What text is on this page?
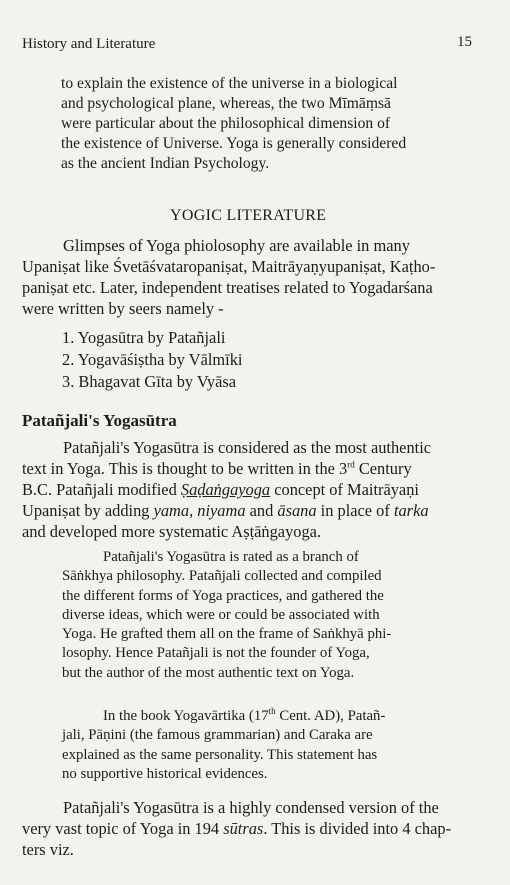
History and Literature	15
to explain the existence of the universe in a biological
and psychological plane, whereas, the two Mīmāṃsā
were particular about the philosophical dimension of
the existence of Universe. Yoga is generally considered
as the ancient Indian Psychology.
YOGIC LITERATURE
Glimpses of Yoga phiolosophy are available in many
Upaniṣat like Śvetāśvataropaniṣat, Maitrāyaṇyupaniṣat, Kaṭho-
paniṣat etc. Later, independent treatises related to Yogadarśana
were written by seers namely -
1. Yogasūtra by Patañjali
2. Yogavāśiṣtha by Vālmīki
3. Bhagavat Gīta by Vyāsa
Patañjali's Yogasūtra
Patañjali's Yogasūtra is considered as the most authentic
text in Yoga. This is thought to be written in the 3rd Century
B.C. Patañjali modified Ṣaḍaṅgayoga concept of Maitrāyaṇi
Upaniṣat by adding yama, niyama and āsana in place of tarka
and developed more systematic Aṣṭāṅgayoga.
Patañjali's Yogasūtra is rated as a branch of
Sāṅkhya philosophy. Patañjali collected and compiled
the different forms of Yoga practices, and gathered the
diverse ideas, which were or could be associated with
Yoga. He grafted them all on the frame of Saṅkhyā phi-
losophy. Hence Patañjali is not the founder of Yoga,
but the author of the most authentic text on Yoga.
In the book Yogavārtika (17th Cent. AD), Patañ-
jali, Pāṇini (the famous grammarian) and Caraka are
explained as the same personality. This statement has
no supportive historical evidences.
Patañjali's Yogasūtra is a highly condensed version of the
very vast topic of Yoga in 194 sūtras. This is divided into 4 chap-
ters viz.
